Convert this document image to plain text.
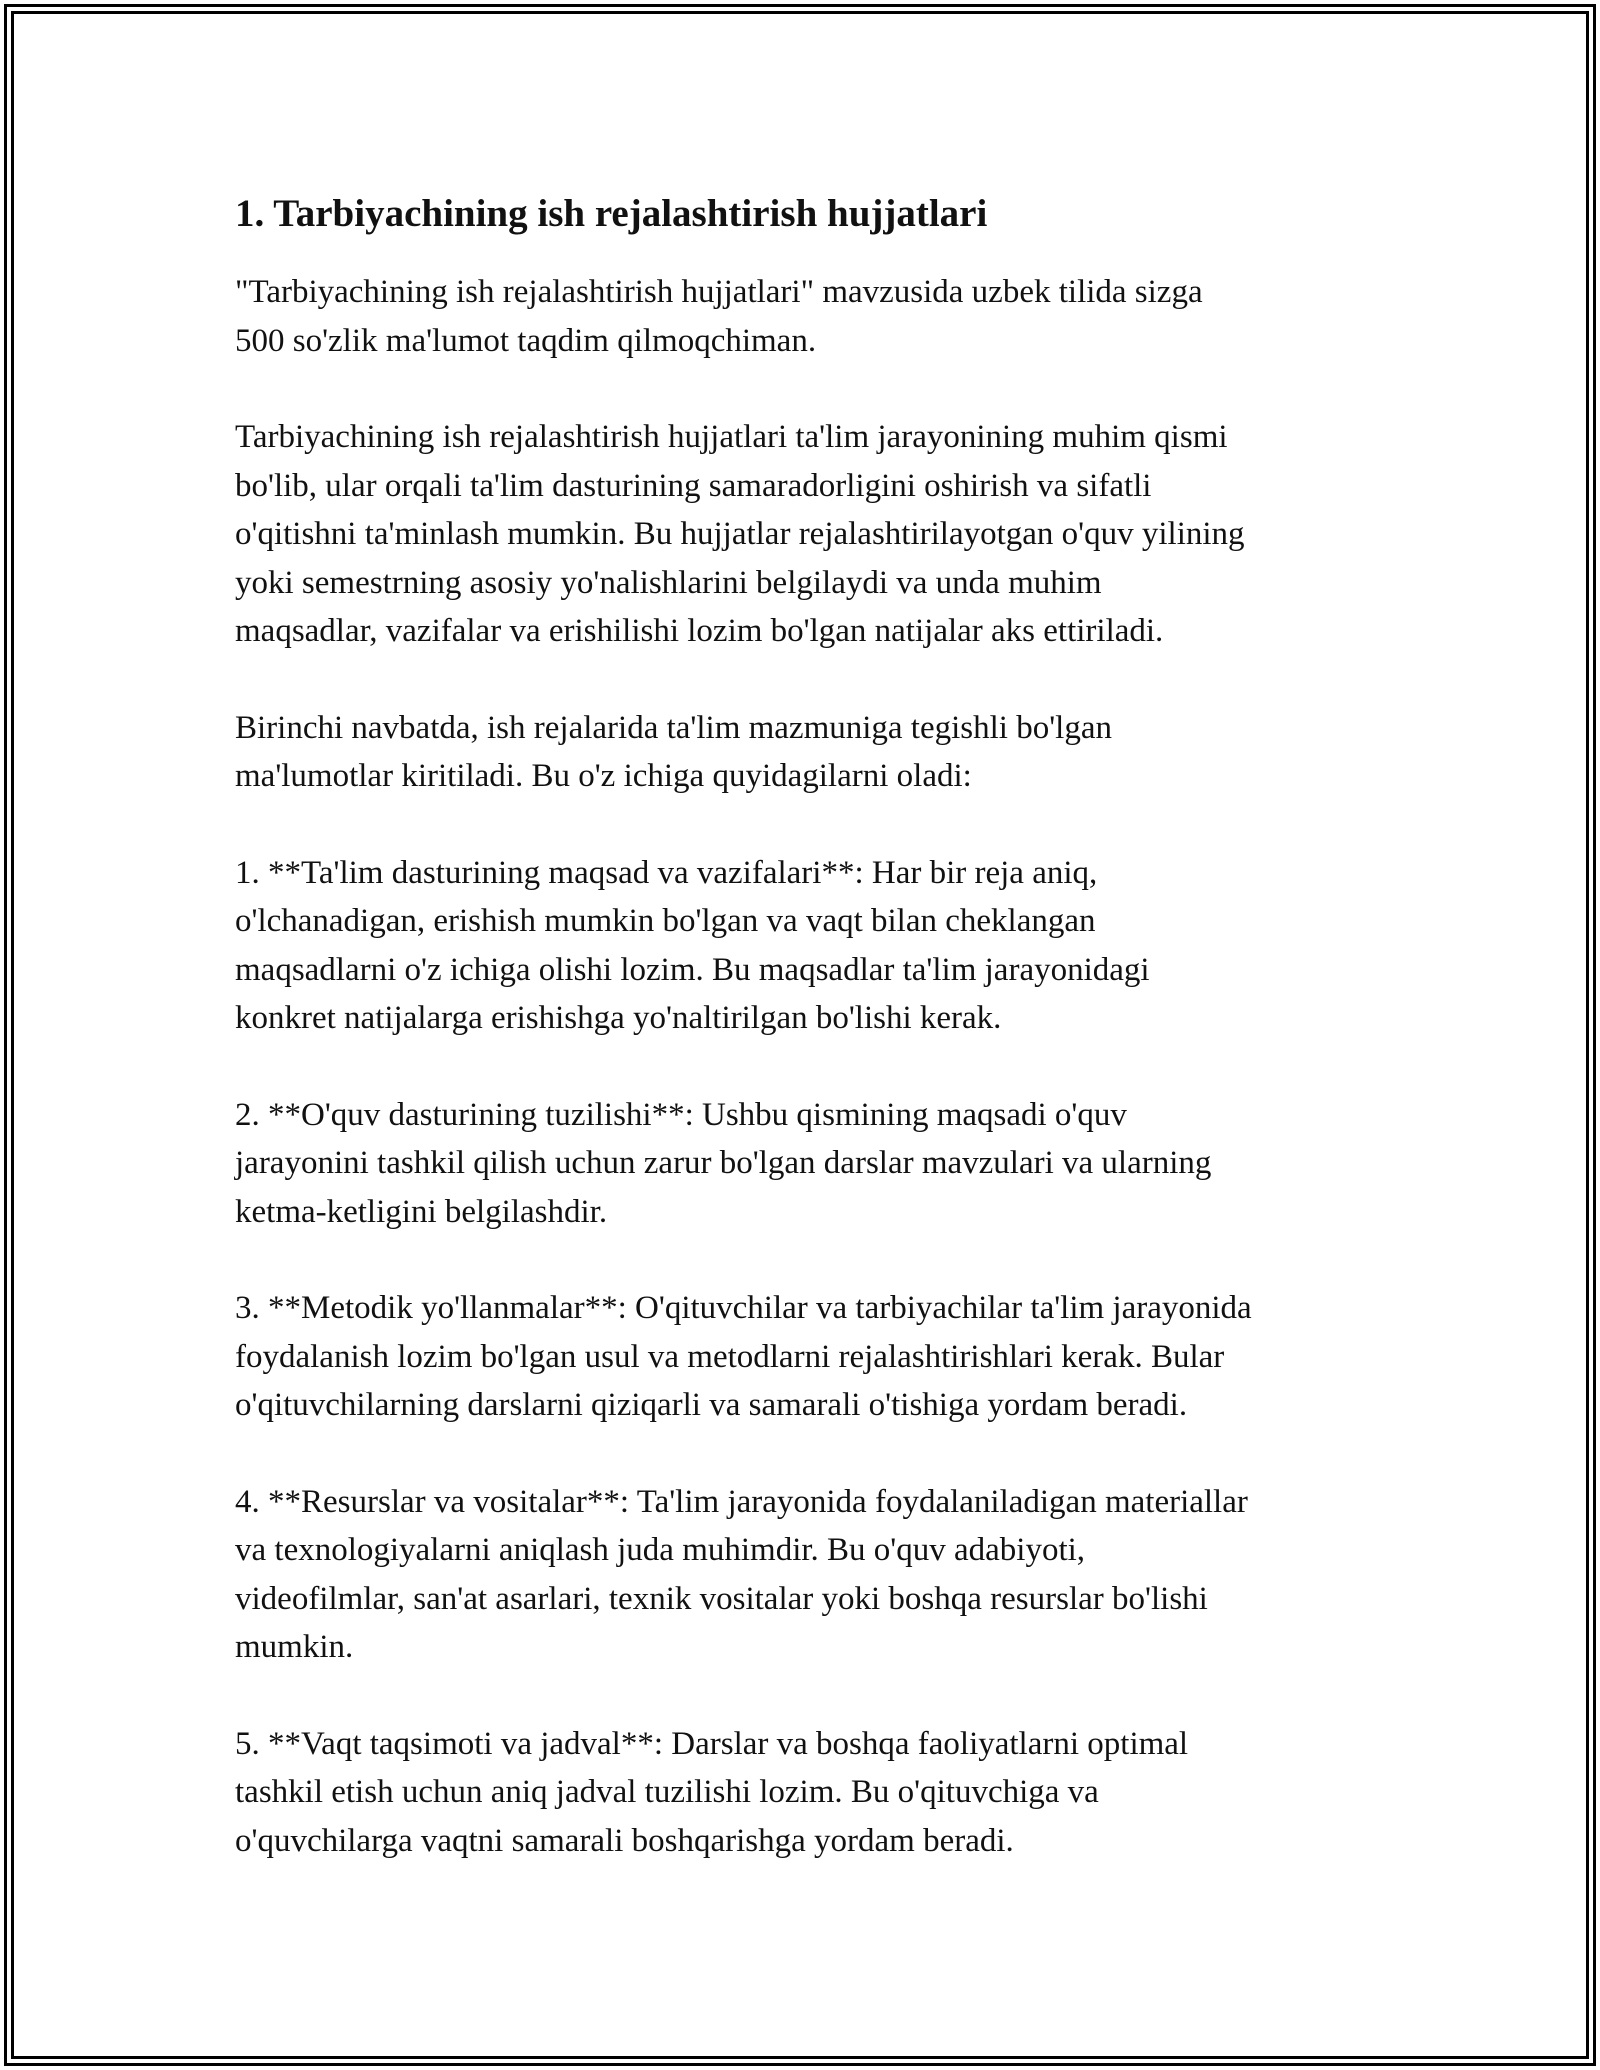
1. Tarbiyachining ish rejalashtirish hujjatlari

"Tarbiyachining ish rejalashtirish hujjatlari" mavzusida uzbek tilida sizga
500 so'zlik ma'lumot taqdim qilmoqchiman.

Tarbiyachining ish rejalashtirish hujjatlari ta'lim jarayonining muhim qismi
bo'lib, ular orqali ta'lim dasturining samaradorligini oshirish va sifatli
o'qitishni ta'minlash mumkin. Bu hujjatlar rejalashtirilayotgan o'quv yilining
yoki semestrning asosiy yo'nalishlarini belgilaydi va unda muhim
maqsadlar, vazifalar va erishilishi lozim bo'lgan natijalar aks ettiriladi.

Birinchi navbatda, ish rejalarida ta'lim mazmuniga tegishli bo'lgan
ma'lumotlar kiritiladi. Bu o'z ichiga quyidagilarni oladi:

1. **Ta'lim dasturining maqsad va vazifalari**: Har bir reja aniq,
o'lchanadigan, erishish mumkin bo'lgan va vaqt bilan cheklangan
maqsadlarni o'z ichiga olishi lozim. Bu maqsadlar ta'lim jarayonidagi
konkret natijalarga erishishga yo'naltirilgan bo'lishi kerak.

2. **O'quv dasturining tuzilishi**: Ushbu qismining maqsadi o'quv
jarayonini tashkil qilish uchun zarur bo'lgan darslar mavzulari va ularning
ketma-ketligini belgilashdir.

3. **Metodik yo'llanmalar**: O'qituvchilar va tarbiyachilar ta'lim jarayonida
foydalanish lozim bo'lgan usul va metodlarni rejalashtirishlari kerak. Bular
o'qituvchilarning darslarni qiziqarli va samarali o'tishiga yordam beradi.

4. **Resurslar va vositalar**: Ta'lim jarayonida foydalaniladigan materiallar
va texnologiyalarni aniqlash juda muhimdir. Bu o'quv adabiyoti,
videofilmlar, san'at asarlari, texnik vositalar yoki boshqa resurslar bo'lishi
mumkin.

5. **Vaqt taqsimoti va jadval**: Darslar va boshqa faoliyatlarni optimal
tashkil etish uchun aniq jadval tuzilishi lozim. Bu o'qituvchiga va
o'quvchilarga vaqtni samarali boshqarishga yordam beradi.
